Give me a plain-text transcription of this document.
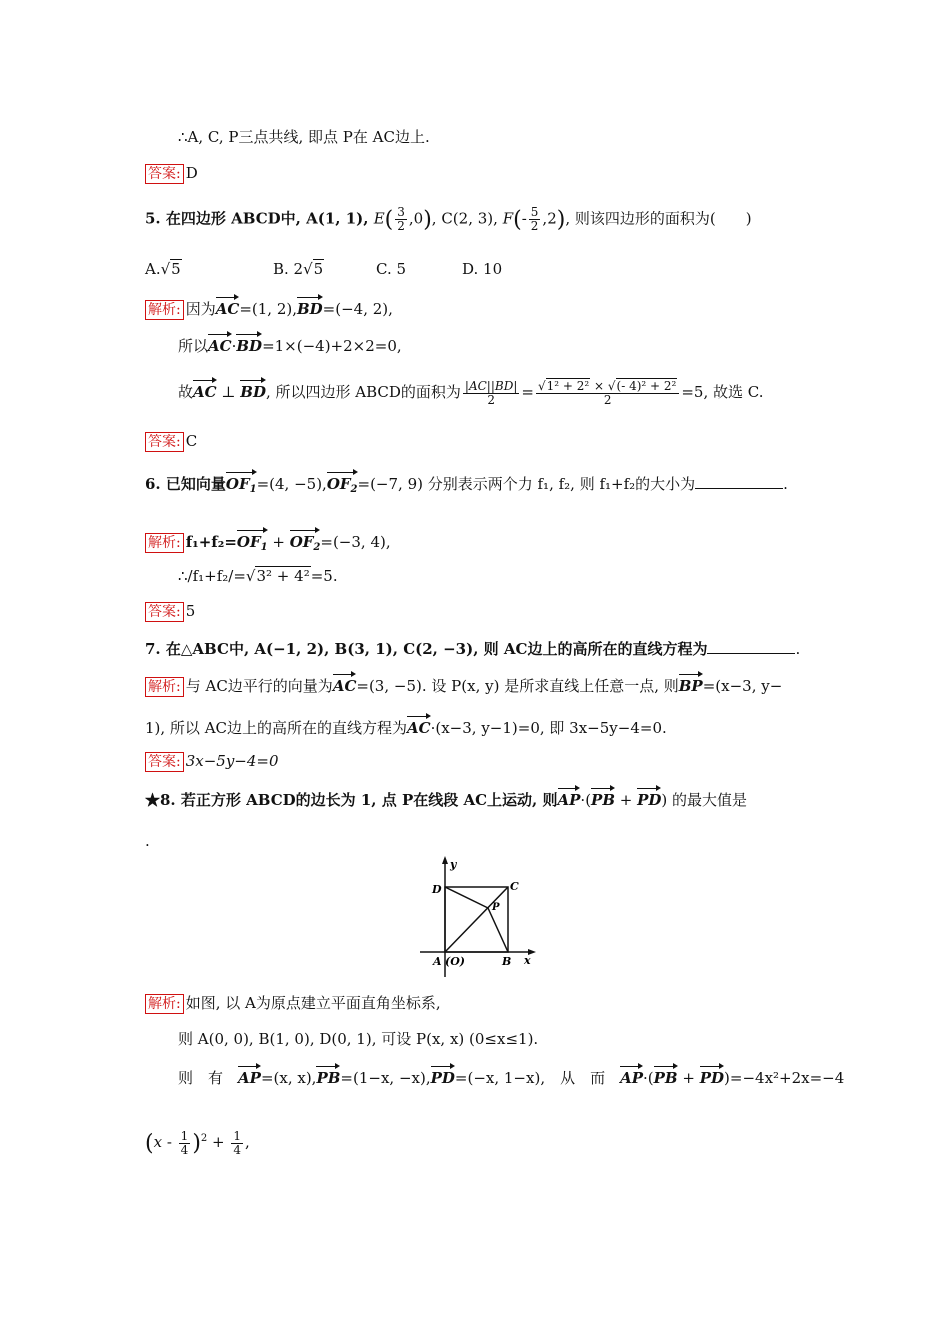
∴A, C, P三点共线, 即点 P在 AC边上.
答案: D
5. 在四边形 ABCD中, A(1, 1), $E( \frac{3}{2} ,0)$, C(2, 3), $F(- \frac{5}{2} ,2)$, 则该四边形的面积为(　　)
A.√5	B. 2√5	C. 5	D. 10
解析: 因为AC=(1, 2),BD=(−4, 2),
所以AC·BD=1×(−4)+2×2=0,
故AC ⊥ BD, 所以四边形 ABCD的面积为 $\frac{|AC||BD|}{2} = \frac{\text{√1² + 2² × √(- 4)² + 2²}}{2} =5$, 故选 C.
答案: C
6. 已知向量$OF_1=(4$, $-5),OF_2=(-7$, 9) 分别表示两个力 f₁, f₂, 则 f₁+f₂的大小为	.
解析: $f_1+f_2=OF_1 + OF_2=(-3$, 4),
∴/f₁+f₂/=√3² + 4²=5.
答案: 5
7. 在△ABC中, A(−1, 2), B(3, 1), C(2, −3), 则 AC边上的高所在的直线方程为	.
解析: 与 AC边平行的向量为AC=(3, −5). 设 P(x, y) 是所求直线上任意一点, 则BP=(x−3, y−
1), 所以 AC边上的高所在的直线方程为AC·(x−3, y−1)=0, 即 3x−5y−4=0.
答案: 3x−5y−4=0
★8. 若正方形 ABCD的边长为 1, 点 P在线段 AC上运动, 则AP·(PB + PD) 的最大值是
.
y
x
D	C
P
A (O)	B
解析: 如图, 以 A为原点建立平面直角坐标系,
则 A(0, 0), B(1, 0), D(0, 1), 可设 P(x, x) (0≤x≤1).
则　有　 AP=(x, x),PB=(1−x, −x),PD=(−x, 1−x),　从　而　 AP·(PB + PD)=−4x²+2x=−4
$(x - \frac{1}{4} )^2 + \frac{1}{4}$ ,
